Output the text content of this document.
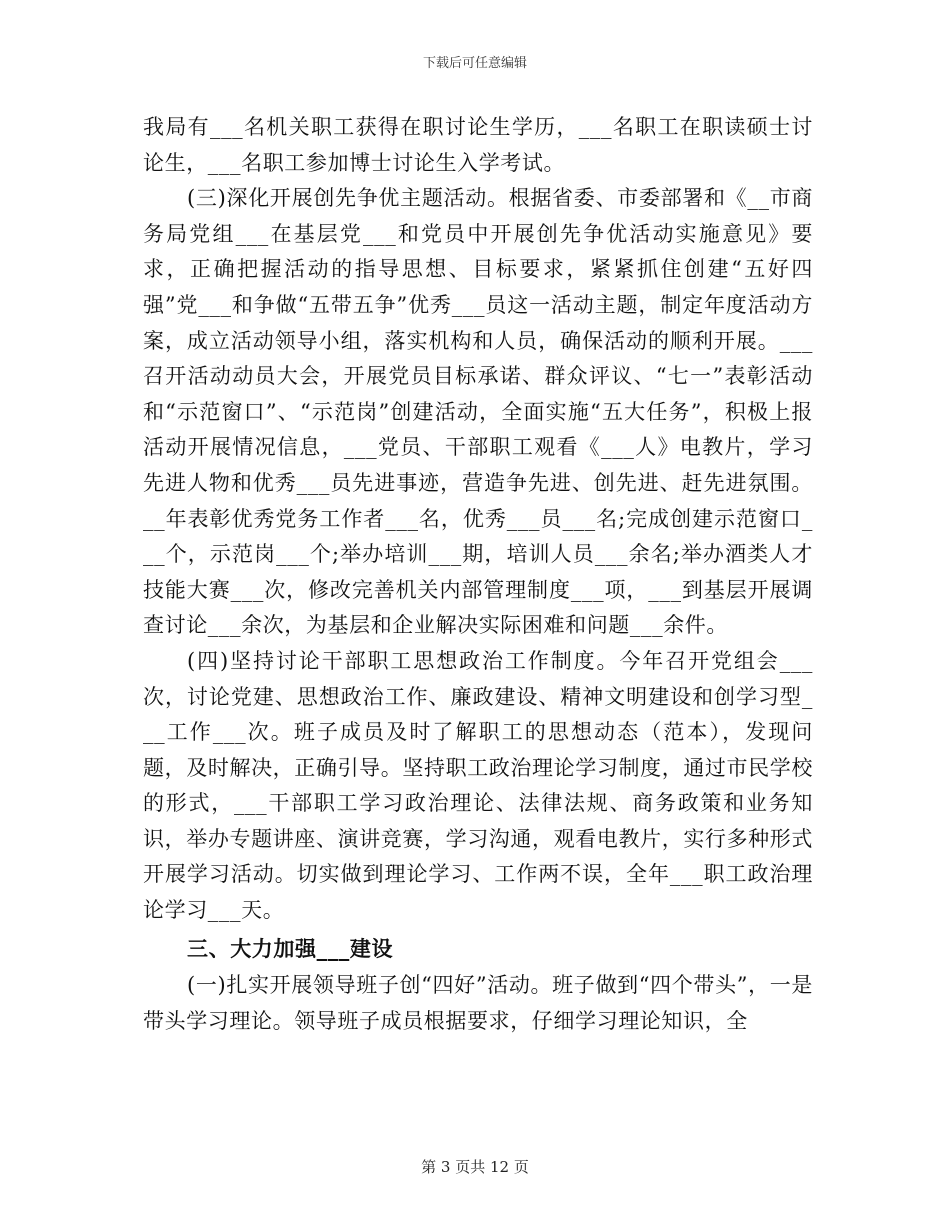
下载后可任意编辑

我局有___名机关职工获得在职讨论生学历，___名职工在职读硕士讨论生，___名职工参加博士讨论生入学考试。

(三)深化开展创先争优主题活动。根据省委、市委部署和《__市商务局党组___在基层党___和党员中开展创先争优活动实施意见》要求，正确把握活动的指导思想、目标要求，紧紧抓住创建“五好四强”党___和争做“五带五争”优秀___员这一活动主题，制定年度活动方案，成立活动领导小组，落实机构和人员，确保活动的顺利开展。___召开活动动员大会，开展党员目标承诺、群众评议、“七一”表彰活动和“示范窗口”、“示范岗”创建活动，全面实施“五大任务”，积极上报活动开展情况信息，___党员、干部职工观看《___人》电教片，学习先进人物和优秀___员先进事迹，营造争先进、创先进、赶先进氛围。__年表彰优秀党务工作者___名，优秀___员___名;完成创建示范窗口___个，示范岗___个;举办培训___期，培训人员___余名;举办酒类人才技能大赛___次，修改完善机关内部管理制度___项，___到基层开展调查讨论___余次，为基层和企业解决实际困难和问题___余件。

(四)坚持讨论干部职工思想政治工作制度。今年召开党组会___次，讨论党建、思想政治工作、廉政建设、精神文明建设和创学习型___工作___次。班子成员及时了解职工的思想动态（范本），发现问题，及时解决，正确引导。坚持职工政治理论学习制度，通过市民学校的形式，___干部职工学习政治理论、法律法规、商务政策和业务知识，举办专题讲座、演讲竞赛，学习沟通，观看电教片，实行多种形式开展学习活动。切实做到理论学习、工作两不误，全年___职工政治理论学习___天。

三、大力加强___建设

(一)扎实开展领导班子创“四好”活动。班子做到“四个带头”，一是带头学习理论。领导班子成员根据要求，仔细学习理论知识，全

第 3 页共 12 页
